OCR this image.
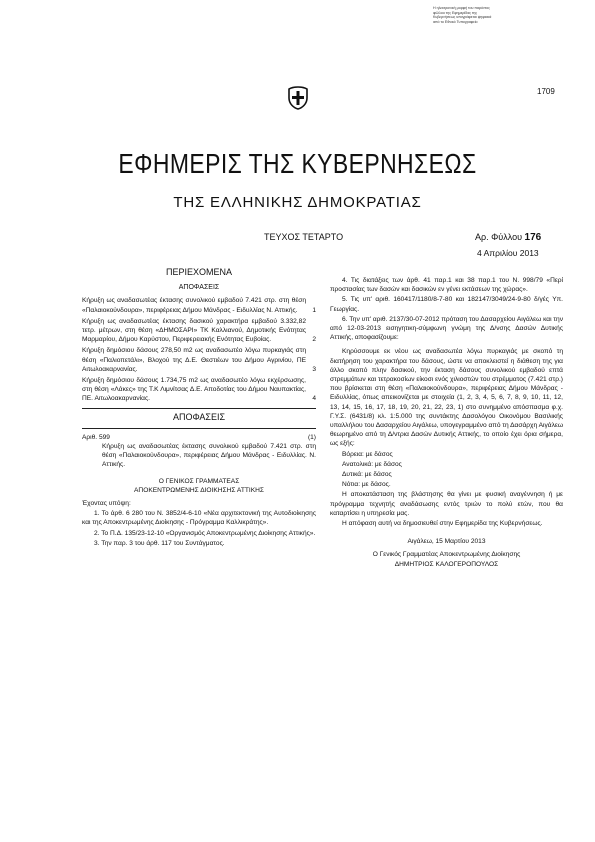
Η ηλεκτρονική μορφή του παρόντος φύλλου της Εφημερίδας της Κυβερνήσεως υπογράφεται ψηφιακά από το Εθνικό Τυπογραφείο
1709
ΕΦΗΜΕΡΙΣ ΤΗΣ ΚΥΒΕΡΝΗΣΕΩΣ
ΤΗΣ ΕΛΛΗΝΙΚΗΣ ΔΗΜΟΚΡΑΤΙΑΣ
ΤΕΥΧΟΣ ΤΕΤΑΡΤΟ	Αρ. Φύλλου 176
4 Απριλίου 2013
ΠΕΡΙΕΧΟΜΕΝΑ
ΑΠΟΦΑΣΕΙΣ
Κήρυξη ως αναδασωτέας έκτασης συνολικού εμβαδού 7.421 στρ. στη θέση «Παλαιοκούνδουρα», περιφέρειας Δήμου Μάνδρας - Ειδυλλίας Ν. Αττικής. 1
Κήρυξη ως αναδασωτέας έκτασης δασικού χαρακτήρα εμβαδού 3.332,82 τετρ. μέτρων, στη θέση «ΔΗΜΟΣΑΡΙ» ΤΚ Καλλιανού, Δημοτικής Ενότητας Μαρμαρίου, Δήμου Καρύστου, Περιφερειακής Ενότητας Ευβοίας.	2
Κήρυξη δημόσιου δάσους 278,50 m2 ως αναδασωτέο λόγω πυρκαγιάς στη θέση «Παλιοπετάλι», Βλοχού της Δ.Ε. Θεστιέων του Δήμου Αγρινίου, ΠΕ Αιτωλοακαρνανίας.	3
Κήρυξη δημόσιου δάσους 1.734,75 m2 ως αναδασωτέο λόγω εκχέρσωσης, στη θέση «Λάκες» της Τ.Κ Λιμνίτσας Δ.Ε. Αποδοτίας του Δήμου Ναυπακτίας, ΠΕ. Αιτωλοακαρνανίας.	4
ΑΠΟΦΑΣΕΙΣ
Αριθ. 599	(1)

Κήρυξη ως αναδασωτέας έκτασης συνολικού εμβαδού 7.421 στρ. στη θέση «Παλαιοκούνδουρα», περιφέρειας Δήμου Μάνδρας - Ειδυλλίας. Ν. Αττικής.

Ο ΓΕΝΙΚΟΣ ΓΡΑΜΜΑΤΕΑΣ
ΑΠΟΚΕΝΤΡΩΜΕΝΗΣ ΔΙΟΙΚΗΣΗΣ ΑΤΤΙΚΗΣ

Έχοντας υπόψη:

1. Το άρθ. 6 280 του Ν. 3852/4-6-10 «Νέα αρχιτεκτονική της Αυτοδιοίκησης και της Αποκεντρωμένης Διοίκησης - Πρόγραμμα Καλλικράτης».

2. Το Π.Δ. 135/23-12-10 «Οργανισμός Αποκεντρωμένης Διοίκησης Αττικής».

3. Την παρ. 3 του άρθ. 117 του Συντάγματος.

4. Τις διατάξεις των άρθ. 41 παρ.1 και 38 παρ.1 του Ν. 998/79 «Περί προστασίας των δασών και δασικών εν γένει εκτάσεων της χώρας».

5. Τις υπ' αριθ. 160417/1180/8-7-80 και 182147/3049/24-9-80 δ/γές Υπ. Γεωργίας.

6. Την υπ' αριθ. 2137/30-07-2012 πρόταση του Δασαρχείου Αιγάλεω και την από 12-03-2013 εισηγητικη-σύμφωνη γνώμη της Δ/νσης Δασών Δυτικής Αττικής, αποφασίζουμε:

Κηρύσσουμε εκ νέου ως αναδασωτέα λόγω πυρκαγιάς με σκοπό τη διατήρηση του χαρακτήρα του δάσους, ώστε να αποκλειστεί η διάθεση της για άλλο σκοπό πλην δασικού, την έκταση δάσους συνολικού εμβαδού επτά στρεμμάτων και τετρακοσίων είκοσι ενός χιλιοστών του στρέμματος (7.421 στρ.) που βρίσκεται στη θέση «Παλαιοκούνδουρα», περιφέρειας Δήμου Μάνδρας - Ειδυλλίας, όπως απεικονίζεται με στοιχεία (1, 2, 3, 4, 5, 6, 7, 8, 9, 10, 11, 12, 13, 14, 15, 16, 17, 18, 19, 20, 21, 22, 23, 1) στο συνημμένο απόσπασμα φ.χ. Γ.Υ.Σ. (6431/8) κλ. 1:5.000 της συντάκτης Δασολόγου Οικονόμου Βασιλικής υπαλλήλου του Δασαρχείου Αιγάλεω, υπογεγραμμένο από τη Δασάρχη Αιγάλεω θεωρημένο από τη Δ/ντρια Δασών Δυτικής Αττικής, το οποίο έχει όρια σήμερα, ως εξής:

Βόρεια: με δάσος

Ανατολικά: με δάσος

Δυτικά: με δάσος

Νότια: με δάσος.

Η αποκατάσταση της βλάστησης θα γίνει με φυσική αναγέννηση ή με πρόγραμμα τεχνητής αναδάσωσης εντός τριών το πολύ ετών, που θα καταρτίσει η υπηρεσία μας.

Η απόφαση αυτή να δημοσιευθεί στην Εφημερίδα της Κυβερνήσεως.

Αιγάλεω, 15 Μαρτίου 2013
Ο Γενικός Γραμματέας Αποκεντρωμένης Διοίκησης
ΔΗΜΗΤΡΙΟΣ ΚΑΛΟΓΕΡΟΠΟΥΛΟΣ
